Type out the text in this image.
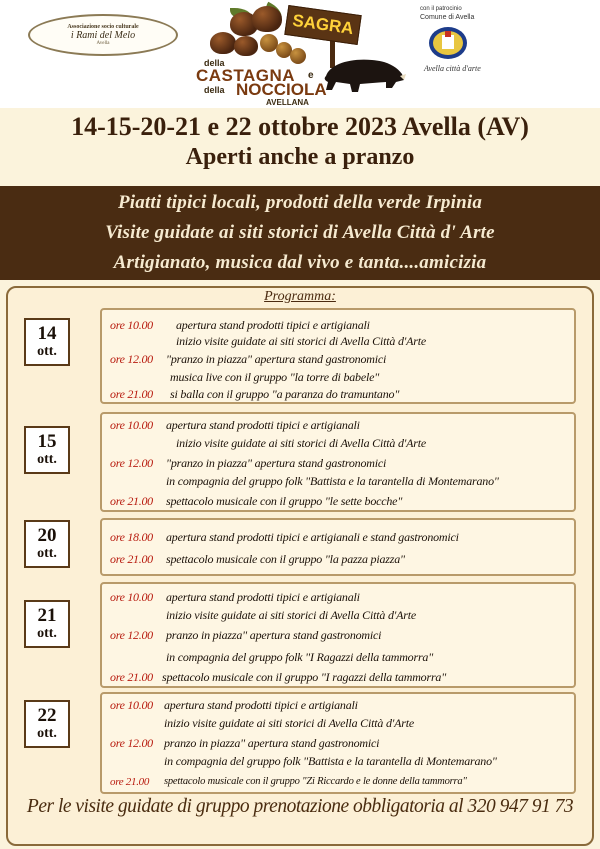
Associazione socio culturale
i Rami del Melo
Avella
SAGRA
della
CASTAGNA e
della NOCCIOLA
AVELLANA
con il patrocinio
Comune di Avella
Avella città d'arte
14-15-20-21 e 22 ottobre 2023 Avella (AV)
Aperti anche a pranzo
Piatti tipici locali, prodotti della verde Irpinia
Visite guidate ai siti storici di Avella Città d' Arte
Artigianato, musica dal vivo e tanta....amicizia
Programma:
14
ott.
ore 10.00 apertura stand prodotti tipici e artigianali
inizio visite guidate ai siti storici di Avella Città d'Arte
ore 12.00 "pranzo in piazza" apertura stand gastronomici
musica live con il gruppo "la torre di babele"
ore 21.00 si balla con il gruppo "a paranza do tramuntano"
15
ott.
ore 10.00 apertura stand prodotti tipici e artigianali
inizio visite guidate ai siti storici di Avella Città d'Arte
ore 12.00 "pranzo in piazza" apertura stand gastronomici
in compagnia del gruppo folk "Battista e la tarantella di Montemarano"
ore 21.00 spettacolo musicale con il gruppo "le sette bocche"
20
ott.
ore 18.00 apertura stand prodotti tipici e artigianali e stand gastronomici
ore 21.00 spettacolo musicale con il gruppo "la pazza piazza"
21
ott.
ore 10.00 apertura stand prodotti tipici e artigianali
inizio visite guidate ai siti storici di Avella Città d'Arte
ore 12.00 pranzo in piazza" apertura stand gastronomici
in compagnia del gruppo folk "I Ragazzi della tammorra"
ore 21.00 spettacolo musicale con il gruppo "I ragazzi della tammorra"
22
ott.
ore 10.00 apertura stand prodotti tipici e artigianali
inizio visite guidate ai siti storici di Avella Città d'Arte
ore 12.00 pranzo in piazza" apertura stand gastronomici
in compagnia del gruppo folk "Battista e la tarantella di Montemarano"
ore 21.00 spettacolo musicale con il gruppo "Zi Riccardo e le donne della tammorra"
Per le visite guidate di gruppo prenotazione obbligatoria al 320 947 91 73
